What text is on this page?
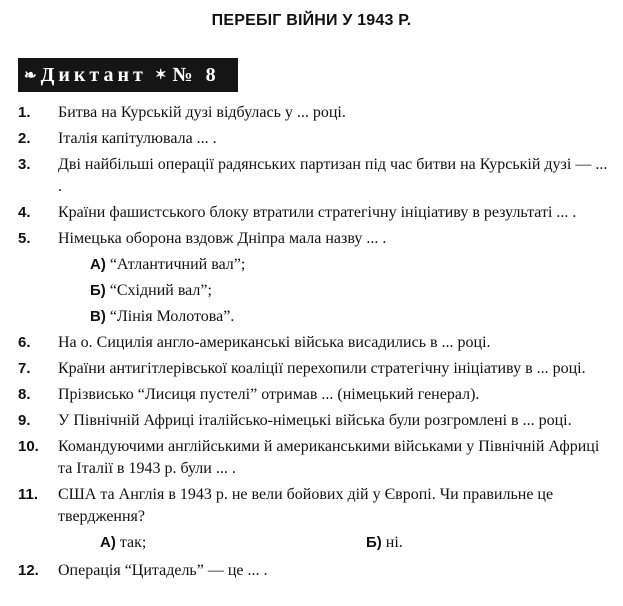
ПЕРЕБІГ ВІЙНИ У 1943 Р.
❧ Диктант ✶ № 8
1. Битва на Курській дузі відбулась у ... році.
2. Італія капітулювала ... .
3. Дві найбільші операції радянських партизан під час битви на Курській дузі — ... .
4. Країни фашистського блоку втратили стратегічну ініціативу в результаті ... .
5. Німецька оборона вздовж Дніпра мала назву ... .
А) “Атлантичний вал”;
Б) “Східний вал”;
В) “Лінія Молотова”.
6. На о. Сицилія англо-американські війська висадились в ... році.
7. Країни антигітлерівської коаліції перехопили стратегічну ініціативу в ... році.
8. Прізвисько “Лисиця пустелі” отримав ... (німецький генерал).
9. У Північній Африці італійсько-німецькі війська були розгромлені в ... році.
10. Командуючими англійськими й американськими військами у Північній Африці та Італії в 1943 р. були ... .
11. США та Англія в 1943 р. не вели бойових дій у Європі. Чи правильне це твердження?
А) так;	Б) ні.
12. Операція “Цитадель” — це ... .
